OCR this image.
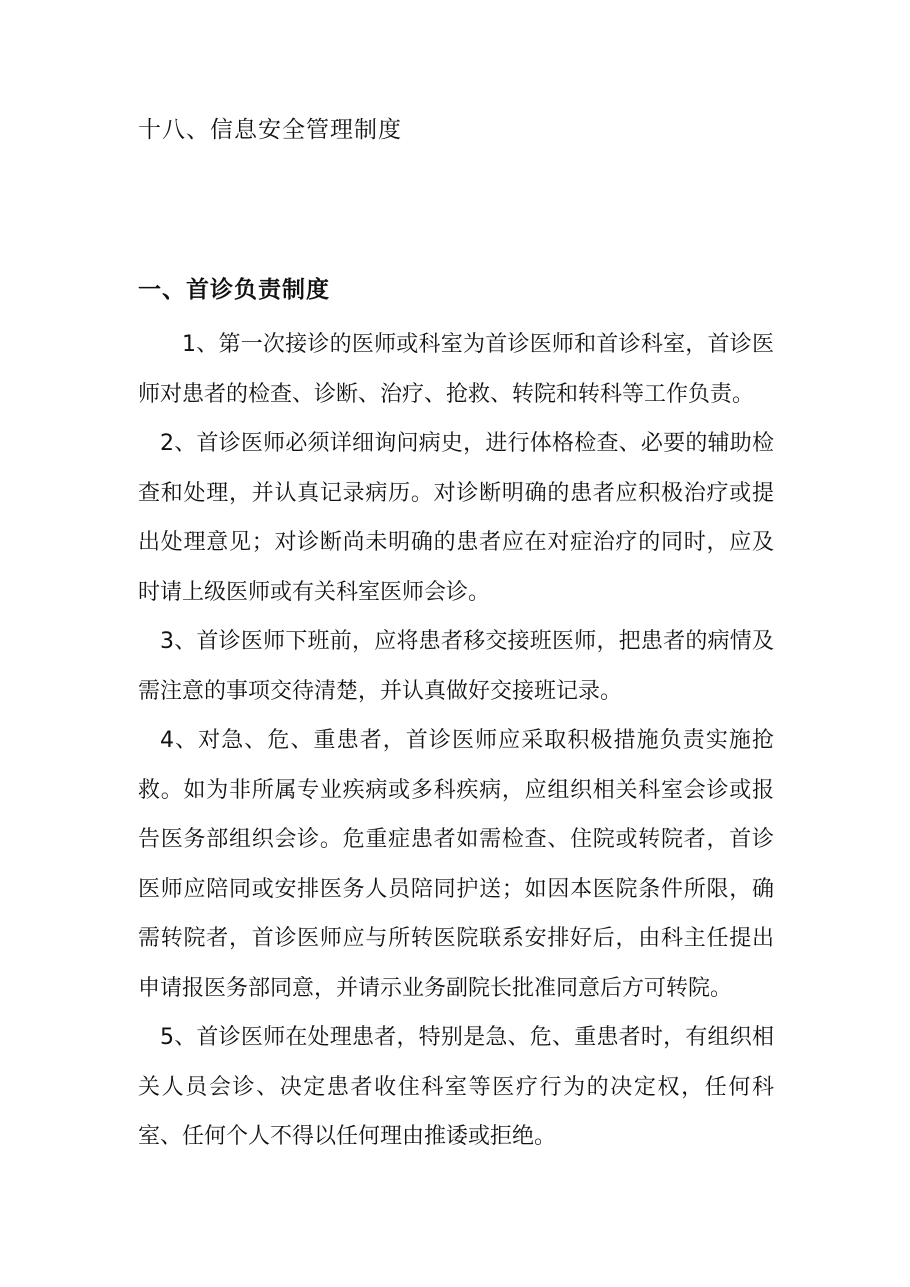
十八、信息安全管理制度
一、首诊负责制度

1、第一次接诊的医师或科室为首诊医师和首诊科室，首诊医师对患者的检查、诊断、治疗、抢救、转院和转科等工作负责。

2、首诊医师必须详细询问病史，进行体格检查、必要的辅助检查和处理，并认真记录病历。对诊断明确的患者应积极治疗或提出处理意见；对诊断尚未明确的患者应在对症治疗的同时，应及时请上级医师或有关科室医师会诊。

3、首诊医师下班前，应将患者移交接班医师，把患者的病情及需注意的事项交待清楚，并认真做好交接班记录。

4、对急、危、重患者，首诊医师应采取积极措施负责实施抢救。如为非所属专业疾病或多科疾病，应组织相关科室会诊或报告医务部组织会诊。危重症患者如需检查、住院或转院者，首诊医师应陪同或安排医务人员陪同护送；如因本医院条件所限，确需转院者，首诊医师应与所转医院联系安排好后，由科主任提出申请报医务部同意，并请示业务副院长批准同意后方可转院。

5、首诊医师在处理患者，特别是急、危、重患者时，有组织相关人员会诊、决定患者收住科室等医疗行为的决定权，任何科室、任何个人不得以任何理由推诿或拒绝。
